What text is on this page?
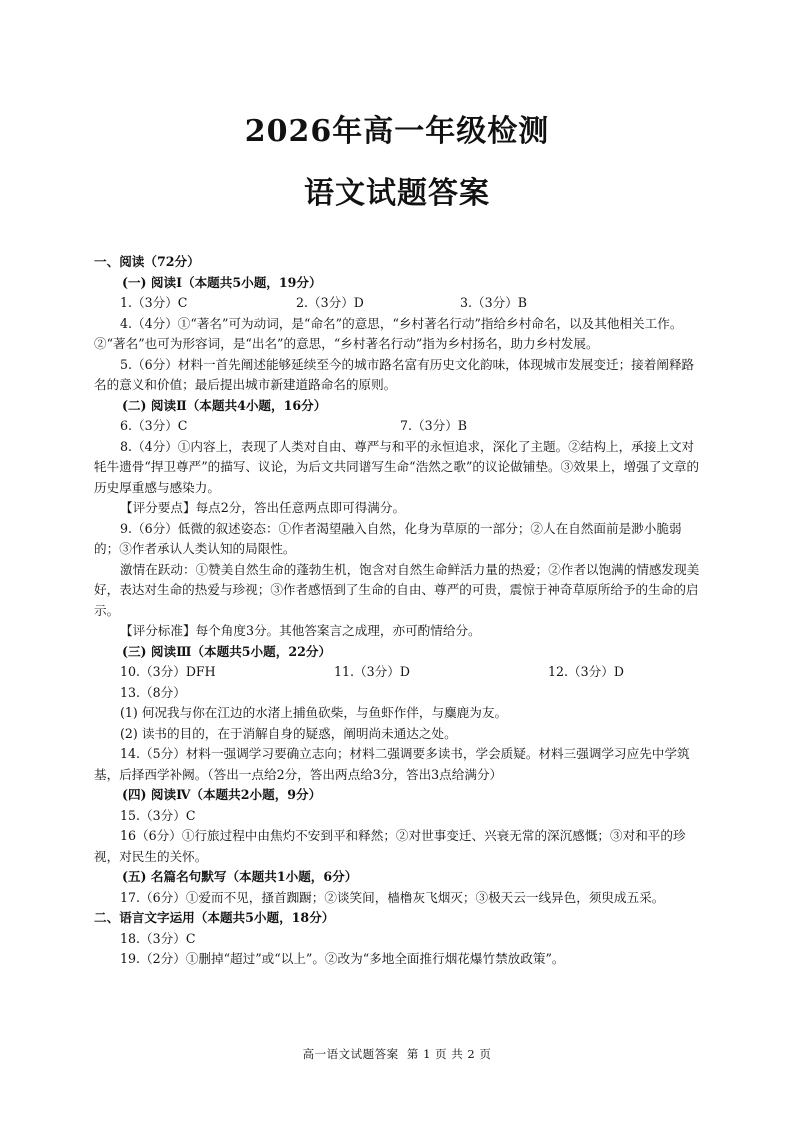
2026年高一年级检测
语文试题答案

一、阅读（72分）

(一) 阅读Ⅰ（本题共5小题，19分）

1.（3分）C	2.（3分）D	3.（3分）B

4.（4分）①“著名”可为动词，是“命名”的意思，“乡村著名行动”指给乡村命名，以及其他相关工作。②“著名”也可为形容词，是“出名”的意思，“乡村著名行动”指为乡村扬名，助力乡村发展。

5.（6分）材料一首先阐述能够延续至今的城市路名富有历史文化韵味，体现城市发展变迁；接着阐释路名的意义和价值；最后提出城市新建道路命名的原则。

(二) 阅读Ⅱ（本题共4小题，16分）

6.（3分）C	7.（3分）B

8.（4分）①内容上，表现了人类对自由、尊严与和平的永恒追求，深化了主题。②结构上，承接上文对牦牛遗骨“捍卫尊严”的描写、议论，为后文共同谱写生命“浩然之歌”的议论做铺垫。③效果上，增强了文章的历史厚重感与感染力。

【评分要点】每点2分，答出任意两点即可得满分。

9.（6分）低微的叙述姿态：①作者渴望融入自然，化身为草原的一部分；②人在自然面前是渺小脆弱的；③作者承认人类认知的局限性。

激情在跃动：①赞美自然生命的蓬勃生机，饱含对自然生命鲜活力量的热爱；②作者以饱满的情感发现美好，表达对生命的热爱与珍视；③作者感悟到了生命的自由、尊严的可贵，震惊于神奇草原所给予的生命的启示。

【评分标准】每个角度3分。其他答案言之成理，亦可酌情给分。

(三) 阅读Ⅲ（本题共5小题，22分）

10.（3分）DFH	11.（3分）D	12.（3分）D

13.（8分）

(1) 何况我与你在江边的水渚上捕鱼砍柴，与鱼虾作伴，与麋鹿为友。

(2) 读书的目的，在于消解自身的疑惑，阐明尚未通达之处。

14.（5分）材料一强调学习要确立志向；材料二强调要多读书，学会质疑。材料三强调学习应先中学筑基，后择西学补阙。（答出一点给2分，答出两点给3分，答出3点给满分）

(四) 阅读Ⅳ（本题共2小题，9分）

15.（3分）C

16（6分）①行旅过程中由焦灼不安到平和释然；②对世事变迁、兴衰无常的深沉感慨；③对和平的珍视，对民生的关怀。

(五) 名篇名句默写（本题共1小题，6分）

17.（6分）①爱而不见，搔首踟蹰；②谈笑间，樯橹灰飞烟灭；③极天云一线异色，须臾成五采。

二、语言文字运用（本题共5小题，18分）

18.（3分）C

19.（2分）①删掉“超过”或“以上”。②改为“多地全面推行烟花爆竹禁放政策”。

高一语文试题答案  第 1 页 共 2 页
